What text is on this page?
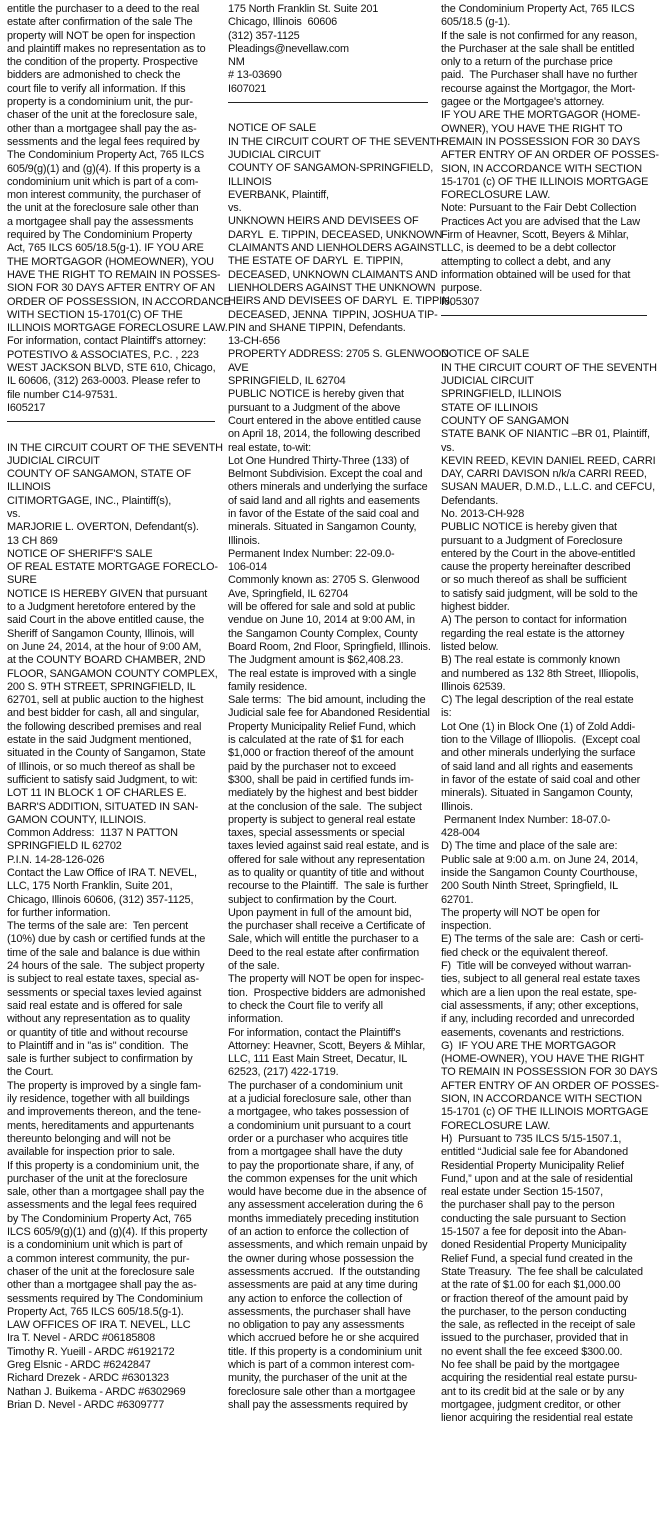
entitle the purchaser to a deed to the real
estate after confirmation of the sale The
property will NOT be open for inspection
and plaintiff makes no representation as to
the condition of the property. Prospective
bidders are admonished to check the
court file to verify all information. If this
property is a condominium unit, the pur-
chaser of the unit at the foreclosure sale,
other than a mortgagee shall pay the as-
sessments and the legal fees required by
The Condominium Property Act, 765 ILCS
605/9(g)(1) and (g)(4). If this property is a
condominium unit which is part of a com-
mon interest community, the purchaser of
the unit at the foreclosure sale other than
a mortgagee shall pay the assessments
required by The Condominium Property
Act, 765 ILCS 605/18.5(g-1). IF YOU ARE
THE MORTGAGOR (HOMEOWNER), YOU
HAVE THE RIGHT TO REMAIN IN POSSES-
SION FOR 30 DAYS AFTER ENTRY OF AN
ORDER OF POSSESSION, IN ACCORDANCE
WITH SECTION 15-1701(C) OF THE
ILLINOIS MORTGAGE FORECLOSURE LAW.
For information, contact Plaintiff's attorney:
POTESTIVO & ASSOCIATES, P.C. , 223
WEST JACKSON BLVD, STE 610, Chicago,
IL 60606, (312) 263-0003. Please refer to
file number C14-97531.
I605217
IN THE CIRCUIT COURT OF THE SEVENTH
JUDICIAL CIRCUIT
COUNTY OF SANGAMON, STATE OF
ILLINOIS
CITIMORTGAGE, INC., Plaintiff(s),
vs.
MARJORIE L. OVERTON, Defendant(s).
13 CH 869
NOTICE OF SHERIFF'S SALE
OF REAL ESTATE MORTGAGE FORECLO-
SURE
NOTICE IS HEREBY GIVEN that pursuant
to a Judgment heretofore entered by the
said Court in the above entitled cause, the
Sheriff of Sangamon County, Illinois, will
on June 24, 2014, at the hour of 9:00 AM,
at the COUNTY BOARD CHAMBER, 2ND
FLOOR, SANGAMON COUNTY COMPLEX,
200 S. 9TH STREET, SPRINGFIELD, IL
62701, sell at public auction to the highest
and best bidder for cash, all and singular,
the following described premises and real
estate in the said Judgment mentioned,
situated in the County of Sangamon, State
of Illinois, or so much thereof as shall be
sufficient to satisfy said Judgment, to wit:
LOT 11 IN BLOCK 1 OF CHARLES E.
BARR'S ADDITION, SITUATED IN SAN-
GAMON COUNTY, ILLINOIS.
Common Address:  1137 N PATTON
SPRINGFIELD IL 62702
P.I.N. 14-28-126-026
Contact the Law Office of IRA T. NEVEL,
LLC, 175 North Franklin, Suite 201,
Chicago, Illinois 60606, (312) 357-1125,
for further information.
The terms of the sale are:  Ten percent
(10%) due by cash or certified funds at the
time of the sale and balance is due within
24 hours of the sale.  The subject property
is subject to real estate taxes, special as-
sessments or special taxes levied against
said real estate and is offered for sale
without any representation as to quality
or quantity of title and without recourse
to Plaintiff and in "as is" condition.  The
sale is further subject to confirmation by
the Court.
The property is improved by a single fam-
ily residence, together with all buildings
and improvements thereon, and the tene-
ments, hereditaments and appurtenants
thereunto belonging and will not be
available for inspection prior to sale.
If this property is a condominium unit, the
purchaser of the unit at the foreclosure
sale, other than a mortgagee shall pay the
assessments and the legal fees required
by The Condominium Property Act, 765
ILCS 605/9(g)(1) and (g)(4). If this property
is a condominium unit which is part of
a common interest community, the pur-
chaser of the unit at the foreclosure sale
other than a mortgagee shall pay the as-
sessments required by The Condominium
Property Act, 765 ILCS 605/18.5(g-1).
LAW OFFICES OF IRA T. NEVEL, LLC
Ira T. Nevel - ARDC #06185808
Timothy R. Yueill - ARDC #6192172
Greg Elsnic - ARDC #6242847
Richard Drezek - ARDC #6301323
Nathan J. Buikema - ARDC #6302969
Brian D. Nevel - ARDC #6309777
175 North Franklin St. Suite 201
Chicago, Illinois  60606
(312) 357-1125
Pleadings@nevellaw.com
NM
# 13-03690
I607021
NOTICE OF SALE
IN THE CIRCUIT COURT OF THE SEVENTH
JUDICIAL CIRCUIT
COUNTY OF SANGAMON-SPRINGFIELD,
ILLINOIS
EVERBANK, Plaintiff,
vs.
UNKNOWN HEIRS AND DEVISEES OF
DARYL  E. TIPPIN, DECEASED, UNKNOWN
CLAIMANTS AND LIENHOLDERS AGAINST
THE ESTATE OF DARYL  E. TIPPIN,
DECEASED, UNKNOWN CLAIMANTS AND
LIENHOLDERS AGAINST THE UNKNOWN
HEIRS AND DEVISEES OF DARYL  E. TIPPIN,
DECEASED, JENNA  TIPPIN, JOSHUA TIP-
PIN and SHANE TIPPIN, Defendants.
13-CH-656
PROPERTY ADDRESS: 2705 S. GLENWOOD
AVE
SPRINGFIELD, IL 62704
PUBLIC NOTICE is hereby given that
pursuant to a Judgment of the above
Court entered in the above entitled cause
on April 18, 2014, the following described
real estate, to-wit:
Lot One Hundred Thirty-Three (133) of
Belmont Subdivision. Except the coal and
others minerals and underlying the surface
of said land and all rights and easements
in favor of the Estate of the said coal and
minerals. Situated in Sangamon County,
Illinois.
Permanent Index Number: 22-09.0-
106-014
Commonly known as: 2705 S. Glenwood
Ave, Springfield, IL 62704
will be offered for sale and sold at public
vendue on June 10, 2014 at 9:00 AM, in
the Sangamon County Complex, County
Board Room, 2nd Floor, Springfield, Illinois.
The Judgment amount is $62,408.23.
The real estate is improved with a single
family residence.
Sale terms:  The bid amount, including the
Judicial sale fee for Abandoned Residential
Property Municipality Relief Fund, which
is calculated at the rate of $1 for each
$1,000 or fraction thereof of the amount
paid by the purchaser not to exceed
$300, shall be paid in certified funds im-
mediately by the highest and best bidder
at the conclusion of the sale.  The subject
property is subject to general real estate
taxes, special assessments or special
taxes levied against said real estate, and is
offered for sale without any representation
as to quality or quantity of title and without
recourse to the Plaintiff.  The sale is further
subject to confirmation by the Court.
Upon payment in full of the amount bid,
the purchaser shall receive a Certificate of
Sale, which will entitle the purchaser to a
Deed to the real estate after confirmation
of the sale.
The property will NOT be open for inspec-
tion.  Prospective bidders are admonished
to check the Court file to verify all
information.
For information, contact the Plaintiff's
Attorney: Heavner, Scott, Beyers & Mihlar,
LLC, 111 East Main Street, Decatur, IL
62523, (217) 422-1719.
The purchaser of a condominium unit
at a judicial foreclosure sale, other than
a mortgagee, who takes possession of
a condominium unit pursuant to a court
order or a purchaser who acquires title
from a mortgagee shall have the duty
to pay the proportionate share, if any, of
the common expenses for the unit which
would have become due in the absence of
any assessment acceleration during the 6
months immediately preceding institution
of an action to enforce the collection of
assessments, and which remain unpaid by
the owner during whose possession the
assessments accrued.  If the outstanding
assessments are paid at any time during
any action to enforce the collection of
assessments, the purchaser shall have
no obligation to pay any assessments
which accrued before he or she acquired
title. If this property is a condominium unit
which is part of a common interest com-
munity, the purchaser of the unit at the
foreclosure sale other than a mortgagee
shall pay the assessments required by
the Condominium Property Act, 765 ILCS
605/18.5 (g-1).
If the sale is not confirmed for any reason,
the Purchaser at the sale shall be entitled
only to a return of the purchase price
paid.  The Purchaser shall have no further
recourse against the Mortgagor, the Mort-
gagee or the Mortgagee's attorney.
IF YOU ARE THE MORTGAGOR (HOME-
OWNER), YOU HAVE THE RIGHT TO
REMAIN IN POSSESSION FOR 30 DAYS
AFTER ENTRY OF AN ORDER OF POSSES-
SION, IN ACCORDANCE WITH SECTION
15-1701 (c) OF THE ILLINOIS MORTGAGE
FORECLOSURE LAW.
Note: Pursuant to the Fair Debt Collection
Practices Act you are advised that the Law
Firm of Heavner, Scott, Beyers & Mihlar,
LLC, is deemed to be a debt collector
attempting to collect a debt, and any
information obtained will be used for that
purpose.
I605307
NOTICE OF SALE
IN THE CIRCUIT COURT OF THE SEVENTH
JUDICIAL CIRCUIT
SPRINGFIELD, ILLINOIS
STATE OF ILLINOIS
COUNTY OF SANGAMON
STATE BANK OF NIANTIC –BR 01, Plaintiff,
vs.
KEVIN REED, KEVIN DANIEL REED, CARRI
DAY, CARRI DAVISON n/k/a CARRI REED,
SUSAN MAUER, D.M.D., L.L.C. and CEFCU,
Defendants.
No. 2013-CH-928
PUBLIC NOTICE is hereby given that
pursuant to a Judgment of Foreclosure
entered by the Court in the above-entitled
cause the property hereinafter described
or so much thereof as shall be sufficient
to satisfy said judgment, will be sold to the
highest bidder.
A) The person to contact for information
regarding the real estate is the attorney
listed below.
B) The real estate is commonly known
and numbered as 132 8th Street, Illiopolis,
Illinois 62539.
C) The legal description of the real estate
is:
Lot One (1) in Block One (1) of Zold Addi-
tion to the Village of Illiopolis.  (Except coal
and other minerals underlying the surface
of said land and all rights and easements
in favor of the estate of said coal and other
minerals). Situated in Sangamon County,
Illinois.
Permanent Index Number: 18-07.0-
428-004
D) The time and place of the sale are:
Public sale at 9:00 a.m. on June 24, 2014,
inside the Sangamon County Courthouse,
200 South Ninth Street, Springfield, IL
62701.
The property will NOT be open for
inspection.
E) The terms of the sale are:  Cash or certi-
fied check or the equivalent thereof.
F)  Title will be conveyed without warran-
ties, subject to all general real estate taxes
which are a lien upon the real estate, spe-
cial assessments, if any; other exceptions,
if any, including recorded and unrecorded
easements, covenants and restrictions.
G)  IF YOU ARE THE MORTGAGOR
(HOME-OWNER), YOU HAVE THE RIGHT
TO REMAIN IN POSSESSION FOR 30 DAYS
AFTER ENTRY OF AN ORDER OF POSSES-
SION, IN ACCORDANCE WITH SECTION
15-1701 (c) OF THE ILLINOIS MORTGAGE
FORECLOSURE LAW.
H)  Pursuant to 735 ILCS 5/15-1507.1,
entitled “Judicial sale fee for Abandoned
Residential Property Municipality Relief
Fund,” upon and at the sale of residential
real estate under Section 15-1507,
the purchaser shall pay to the person
conducting the sale pursuant to Section
15-1507 a fee for deposit into the Aban-
doned Residential Property Municipality
Relief Fund, a special fund created in the
State Treasury.  The fee shall be calculated
at the rate of $1.00 for each $1,000.00
or fraction thereof of the amount paid by
the purchaser, to the person conducting
the sale, as reflected in the receipt of sale
issued to the purchaser, provided that in
no event shall the fee exceed $300.00.
No fee shall be paid by the mortgagee
acquiring the residential real estate pursu-
ant to its credit bid at the sale or by any
mortgagee, judgment creditor, or other
lienor acquiring the residential real estate
